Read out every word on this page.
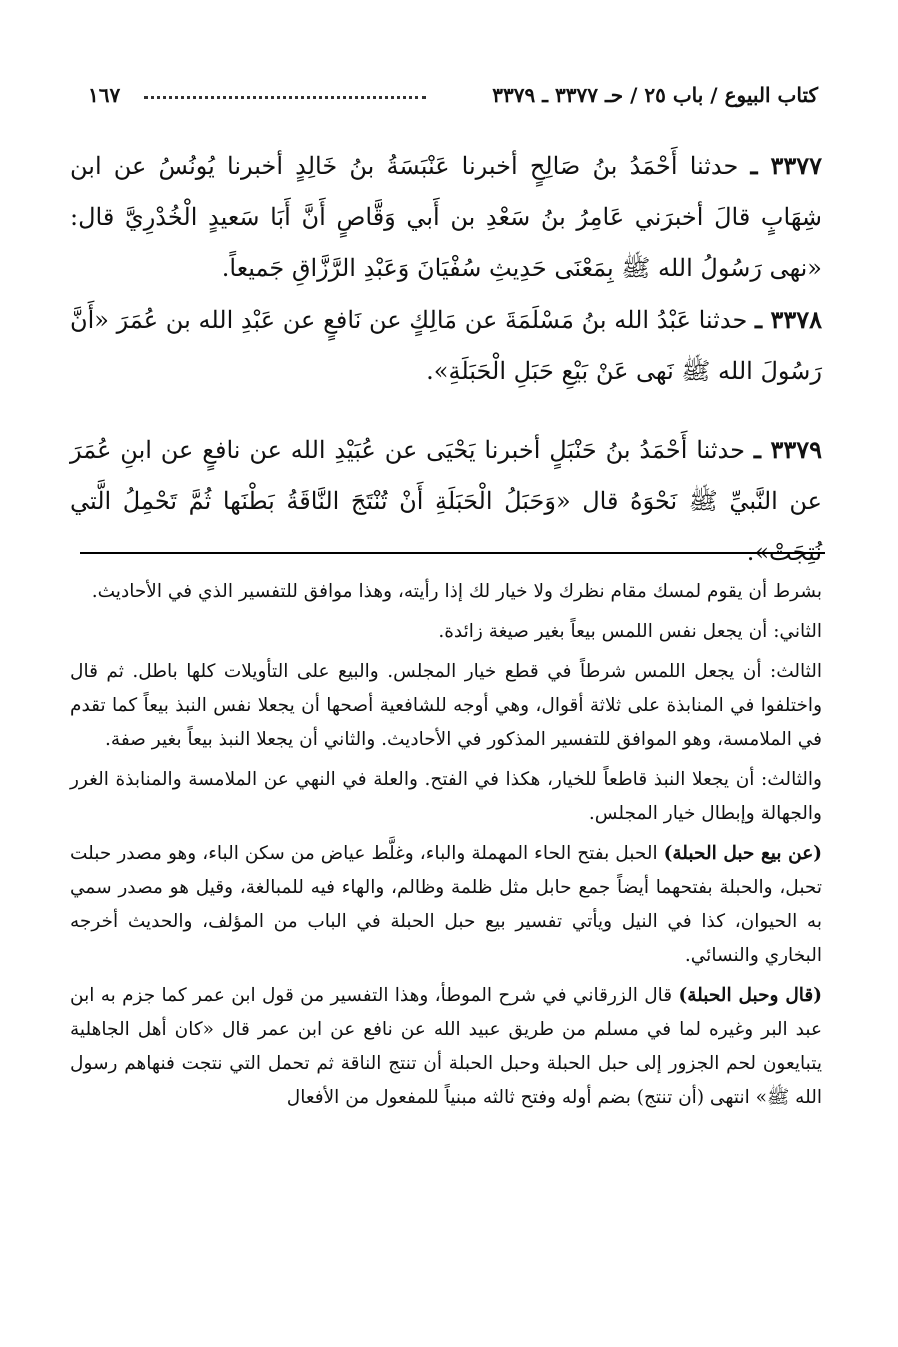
كتاب البيوع / باب ٢٥ / حـ ٣٣٧٧ ـ ٣٣٧٩
١٦٧
٣٣٧٧ ـ حدثنا أَحْمَدُ بنُ صَالِحٍ أخبرنا عَنْبَسَةُ بنُ خَالِدٍ أخبرنا يُونُسُ عن ابن شِهَابٍ قالَ أخبرَني عَامِرُ بنُ سَعْدِ بن أَبي وَقَّاصٍ أَنَّ أَبَا سَعيدٍ الْخُدْرِيَّ قال: «نهى رَسُولُ الله ﷺ بِمَعْنَى حَدِيثِ سُفْيَانَ وَعَبْدِ الرَّزَّاقِ جَميعاً.
٣٣٧٨ ـ حدثنا عَبْدُ الله بنُ مَسْلَمَةَ عن مَالِكٍ عن نَافعٍ عن عَبْدِ الله بن عُمَرَ «أَنَّ رَسُولَ الله ﷺ نَهى عَنْ بَيْعِ حَبَلِ الْحَبَلَةِ».
٣٣٧٩ ـ حدثنا أَحْمَدُ بنُ حَنْبَلٍ أخبرنا يَحْيَى عن عُبَيْدِ الله عن نافعٍ عن ابنِ عُمَرَ عن النَّبيِّ ﷺ نَحْوَهُ قال «وَحَبَلُ الْحَبَلَةِ أَنْ تُنْتَجَ النَّاقَةُ بَطْنَها ثُمَّ تَحْمِلُ الَّتي نُتِجَتْ».

بشرط أن يقوم لمسك مقام نظرك ولا خيار لك إذا رأيته، وهذا موافق للتفسير الذي في الأحاديث.

الثاني: أن يجعل نفس اللمس بيعاً بغير صيغة زائدة.

الثالث: أن يجعل اللمس شرطاً في قطع خيار المجلس. والبيع على التأويلات كلها باطل. ثم قال واختلفوا في المنابذة على ثلاثة أقوال، وهي أوجه للشافعية أصحها أن يجعلا نفس النبذ بيعاً كما تقدم في الملامسة، وهو الموافق للتفسير المذكور في الأحاديث. والثاني أن يجعلا النبذ بيعاً بغير صفة.

والثالث: أن يجعلا النبذ قاطعاً للخيار، هكذا في الفتح. والعلة في النهي عن الملامسة والمنابذة الغرر والجهالة وإبطال خيار المجلس.

(عن بيع حبل الحبلة) الحبل بفتح الحاء المهملة والباء، وغلَّط عياض من سكن الباء، وهو مصدر حبلت تحبل، والحبلة بفتحهما أيضاً جمع حابل مثل ظلمة وظالم، والهاء فيه للمبالغة، وقيل هو مصدر سمي به الحيوان، كذا في النيل ويأتي تفسير بيع حبل الحبلة في الباب من المؤلف، والحديث أخرجه البخاري والنسائي.

(قال وحبل الحبلة) قال الزرقاني في شرح الموطأ، وهذا التفسير من قول ابن عمر كما جزم به ابن عبد البر وغيره لما في مسلم من طريق عبيد الله عن نافع عن ابن عمر قال «كان أهل الجاهلية يتبايعون لحم الجزور إلى حبل الحبلة وحبل الحبلة أن تنتج الناقة ثم تحمل التي نتجت فنهاهم رسول الله ﷺ» انتهى (أن تنتج) بضم أوله وفتح ثالثه مبنياً للمفعول من الأفعال
